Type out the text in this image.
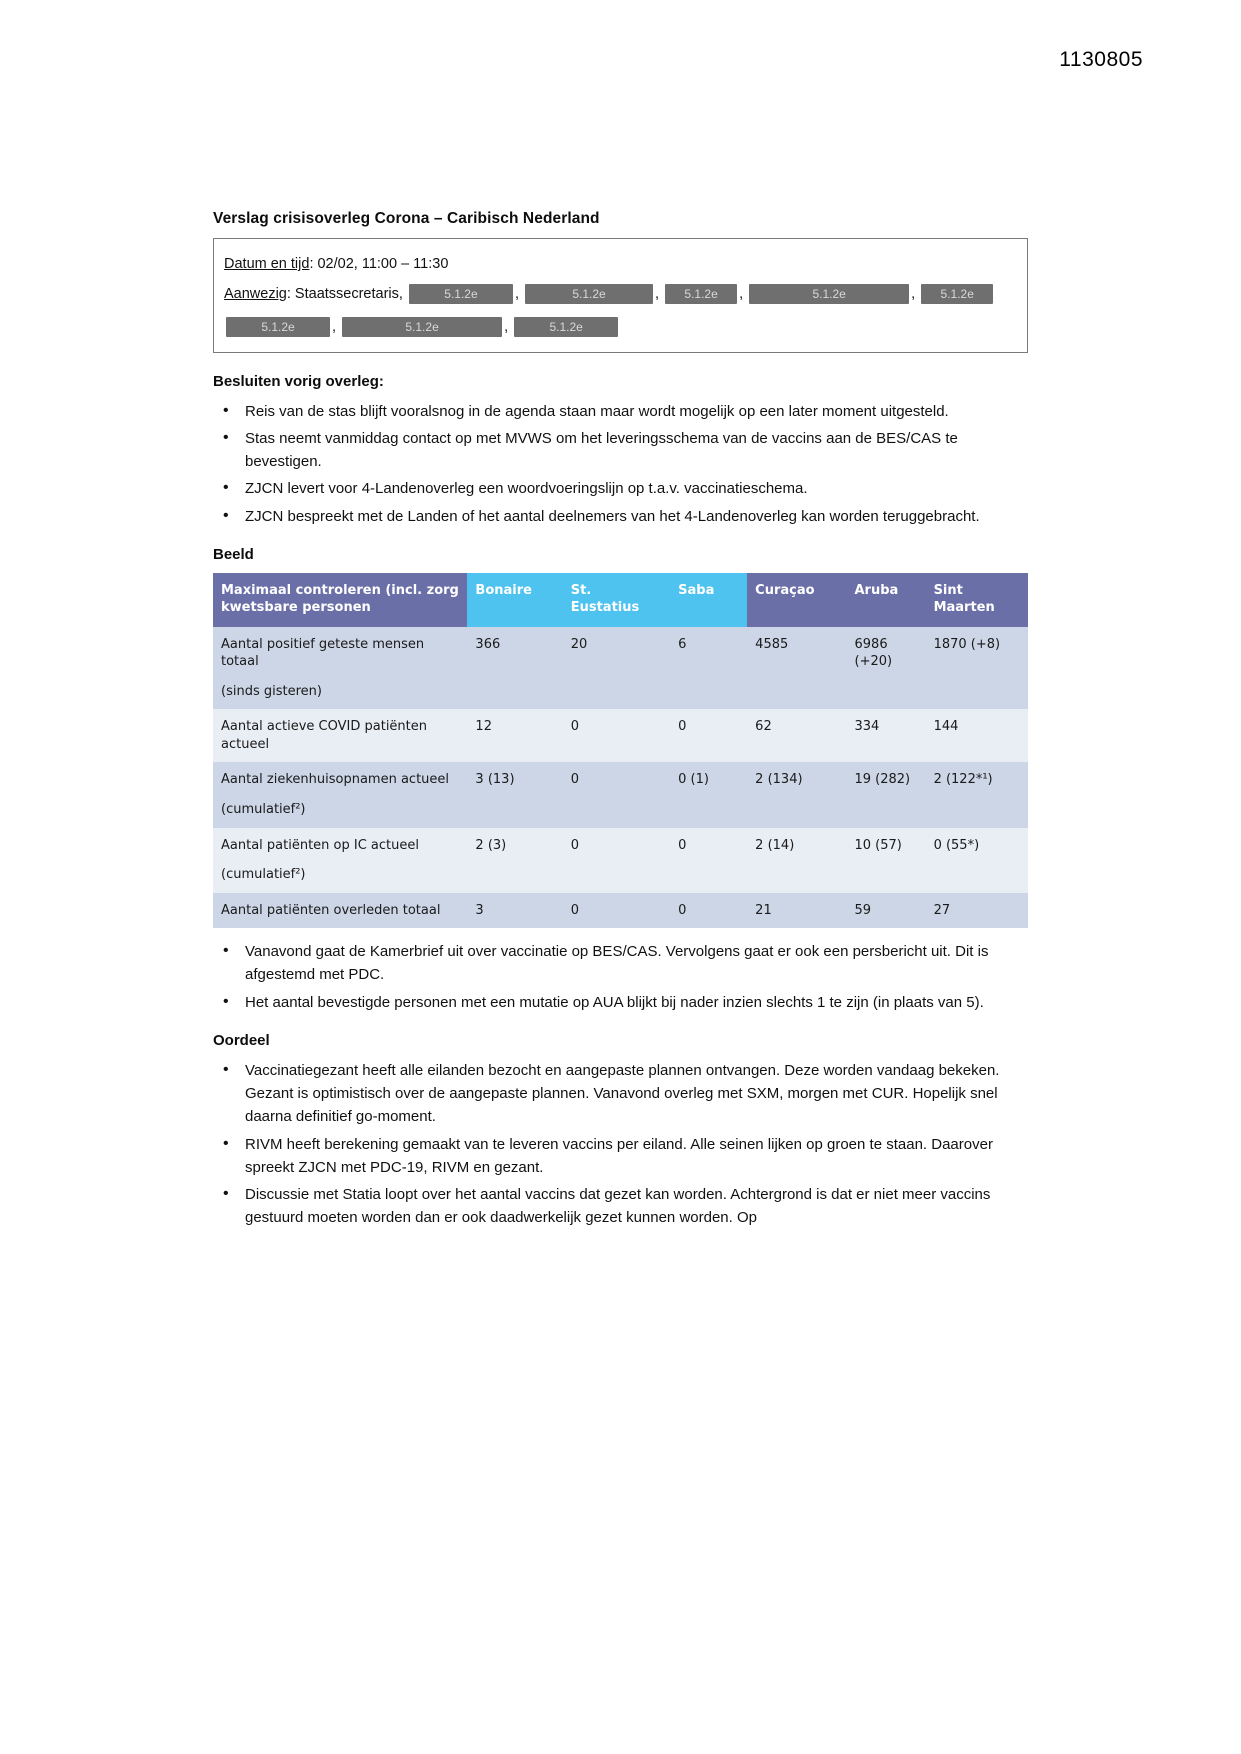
1130805
Verslag crisisoverleg Corona – Caribisch Nederland
Datum en tijd: 02/02, 11:00 – 11:30
Aanwezig: Staatssecretaris,	5.1.2e	,	5.1.2e	, 5.1.2e ,	5.1.2e	, 5.1.2e
5.1.2e	,	5.1.2e	,	5.1.2e
Besluiten vorig overleg:
• Reis van de stas blijft vooralsnog in de agenda staan maar wordt mogelijk op een later moment uitgesteld.
• Stas neemt vanmiddag contact op met MVWS om het leveringsschema van de vaccins aan de BES/CAS te bevestigen.
• ZJCN levert voor 4-Landenoverleg een woordvoeringslijn op t.a.v. vaccinatieschema.
• ZJCN bespreekt met de Landen of het aantal deelnemers van het 4-Landenoverleg kan worden teruggebracht.
Beeld
Maximaal controleren (incl. zorg kwetsbare personen	Bonaire	St. Eustatius	Saba	Curaçao	Aruba	Sint Maarten
Aantal positief geteste mensen totaal
(sinds gisteren)	366	20	6	4585	6986 (+20)	1870 (+8)
Aantal actieve COVID patiënten actueel	12	0	0	62	334	144
Aantal ziekenhuisopnamen actueel
(cumulatief²)	3 (13)	0	0 (1)	2 (134)	19 (282)	2 (122*¹)
Aantal patiënten op IC actueel
(cumulatief²)	2 (3)	0	0	2 (14)	10 (57)	0 (55*)
Aantal patiënten overleden totaal	3	0	0	21	59	27
• Vanavond gaat de Kamerbrief uit over vaccinatie op BES/CAS. Vervolgens gaat er ook een persbericht uit. Dit is afgestemd met PDC.
• Het aantal bevestigde personen met een mutatie op AUA blijkt bij nader inzien slechts 1 te zijn (in plaats van 5).
Oordeel
• Vaccinatiegezant heeft alle eilanden bezocht en aangepaste plannen ontvangen. Deze worden vandaag bekeken. Gezant is optimistisch over de aangepaste plannen. Vanavond overleg met SXM, morgen met CUR. Hopelijk snel daarna definitief go-moment.
• RIVM heeft berekening gemaakt van te leveren vaccins per eiland. Alle seinen lijken op groen te staan. Daarover spreekt ZJCN met PDC-19, RIVM en gezant.
• Discussie met Statia loopt over het aantal vaccins dat gezet kan worden. Achtergrond is dat er niet meer vaccins gestuurd moeten worden dan er ook daadwerkelijk gezet kunnen worden. Op
